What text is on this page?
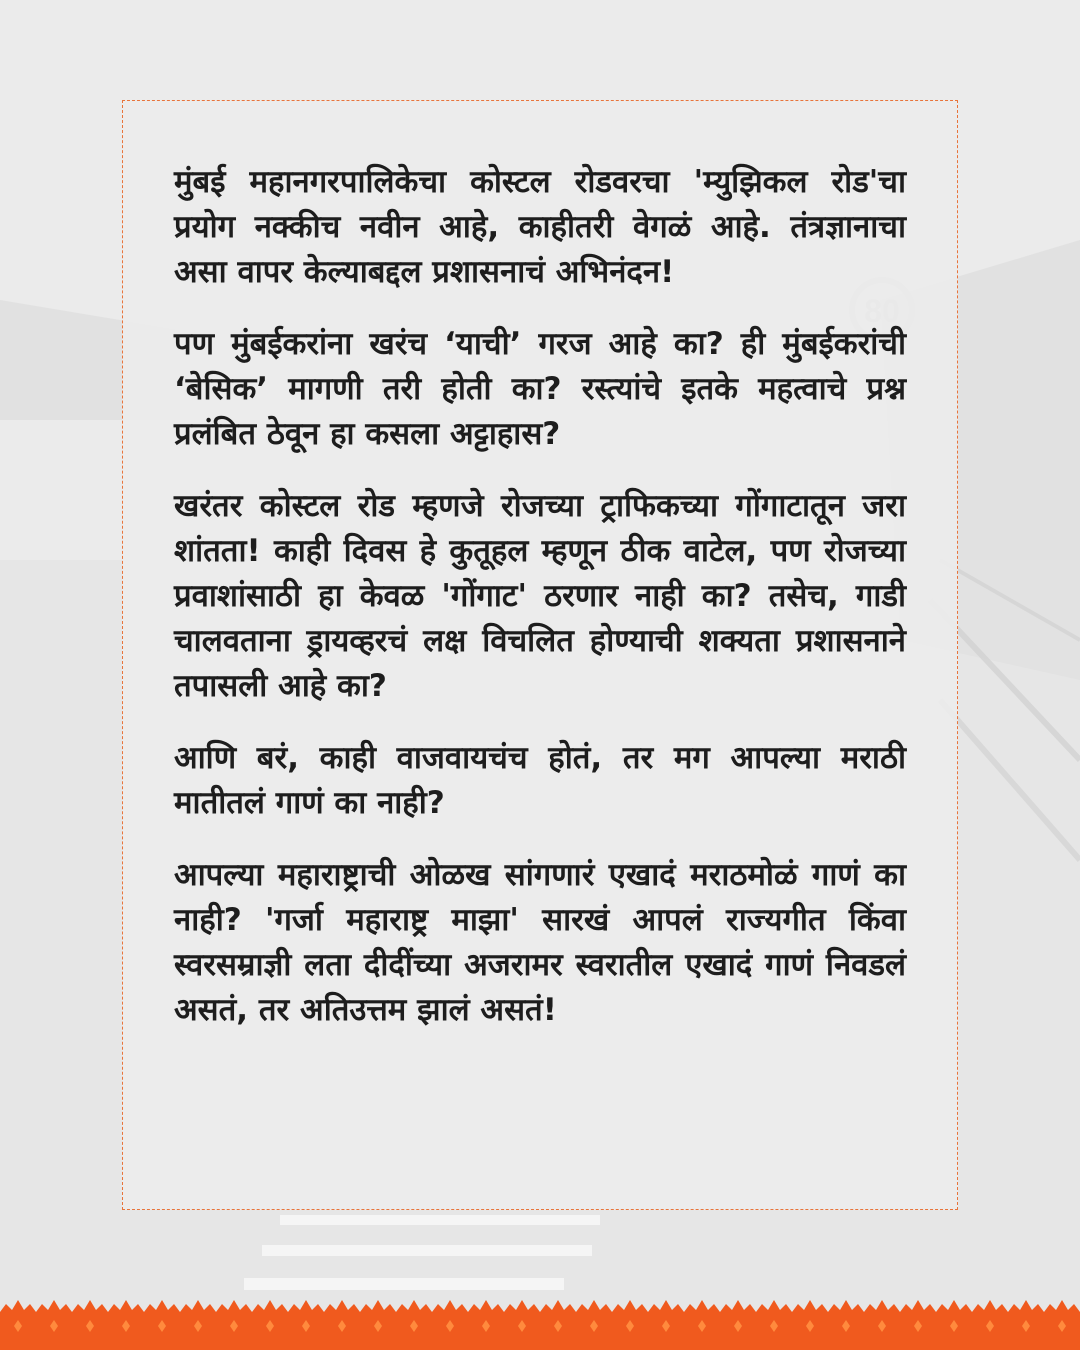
मुंबई महानगरपालिकेचा कोस्टल रोडवरचा 'म्युझिकल रोड'चा प्रयोग नक्कीच नवीन आहे, काहीतरी वेगळं आहे. तंत्रज्ञानाचा असा वापर केल्याबद्दल प्रशासनाचं अभिनंदन!

पण मुंबईकरांना खरंच ‘याची’ गरज आहे का? ही मुंबईकरांची ‘बेसिक’ मागणी तरी होती का? रस्त्यांचे इतके महत्वाचे प्रश्न प्रलंबित ठेवून हा कसला अट्टाहास?

खरंतर कोस्टल रोड म्हणजे रोजच्या ट्राफिकच्या गोंगाटातून जरा शांतता! काही दिवस हे कुतूहल म्हणून ठीक वाटेल, पण रोजच्या प्रवाशांसाठी हा केवळ 'गोंगाट' ठरणार नाही का? तसेच, गाडी चालवताना ड्रायव्हरचं लक्ष विचलित होण्याची शक्यता प्रशासनाने तपासली आहे का?

आणि बरं, काही वाजवायचंच होतं, तर मग आपल्या मराठी मातीतलं गाणं का नाही?

आपल्या महाराष्ट्राची ओळख सांगणारं एखादं मराठमोळं गाणं का नाही? 'गर्जा महाराष्ट्र माझा' सारखं आपलं राज्यगीत किंवा स्वरसम्राज्ञी लता दीदींच्या अजरामर स्वरातील एखादं गाणं निवडलं असतं, तर अतिउत्तम झालं असतं!
